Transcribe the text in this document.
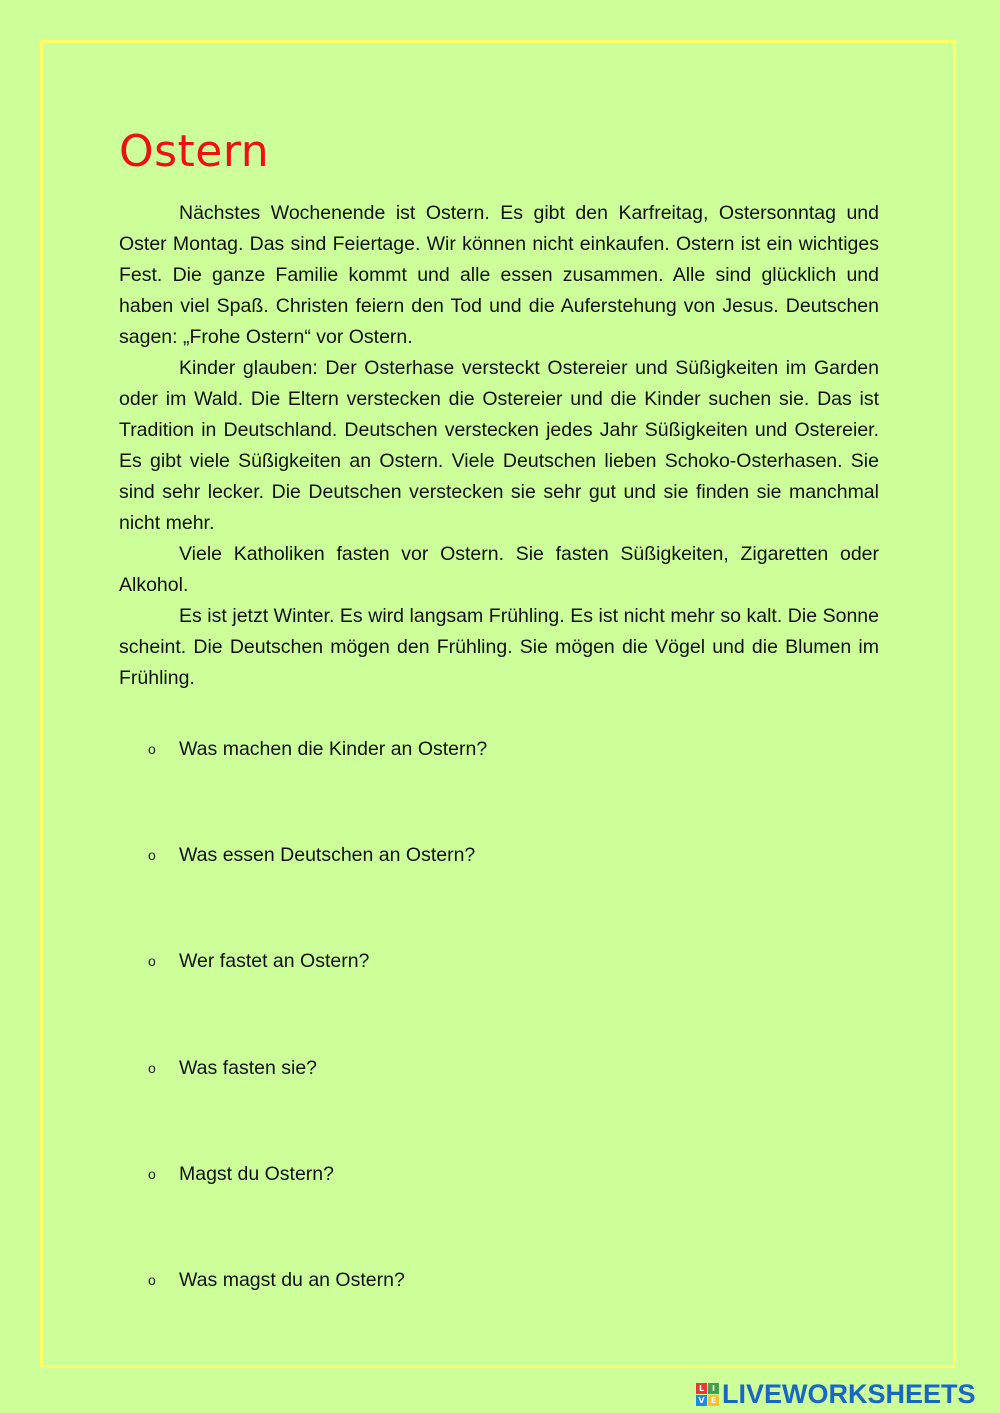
Ostern

Nächstes Wochenende ist Ostern. Es gibt den Karfreitag, Ostersonntag und Oster Montag. Das sind Feiertage. Wir können nicht einkaufen. Ostern ist ein wichtiges Fest. Die ganze Familie kommt und alle essen zusammen. Alle sind glücklich und haben viel Spaß. Christen feiern den Tod und die Auferstehung von Jesus. Deutschen sagen: „Frohe Ostern“ vor Ostern.

Kinder glauben: Der Osterhase versteckt Ostereier und Süßigkeiten im Garden oder im Wald. Die Eltern verstecken die Ostereier und die Kinder suchen sie. Das ist Tradition in Deutschland. Deutschen verstecken jedes Jahr Süßigkeiten und Ostereier. Es gibt viele Süßigkeiten an Ostern. Viele Deutschen lieben Schoko-Osterhasen. Sie sind sehr lecker. Die Deutschen verstecken sie sehr gut und sie finden sie manchmal nicht mehr.

Viele Katholiken fasten vor Ostern. Sie fasten Süßigkeiten, Zigaretten oder Alkohol.

Es ist jetzt Winter. Es wird langsam Frühling. Es ist nicht mehr so kalt. Die Sonne scheint. Die Deutschen mögen den Frühling. Sie mögen die Vögel und die Blumen im Frühling.

o	Was machen die Kinder an Ostern?
o	Was essen Deutschen an Ostern?
o	Wer fastet an Ostern?
o	Was fasten sie?
o	Magst du Ostern?
o	Was magst du an Ostern?
L I
V E LIVEWORKSHEETS
